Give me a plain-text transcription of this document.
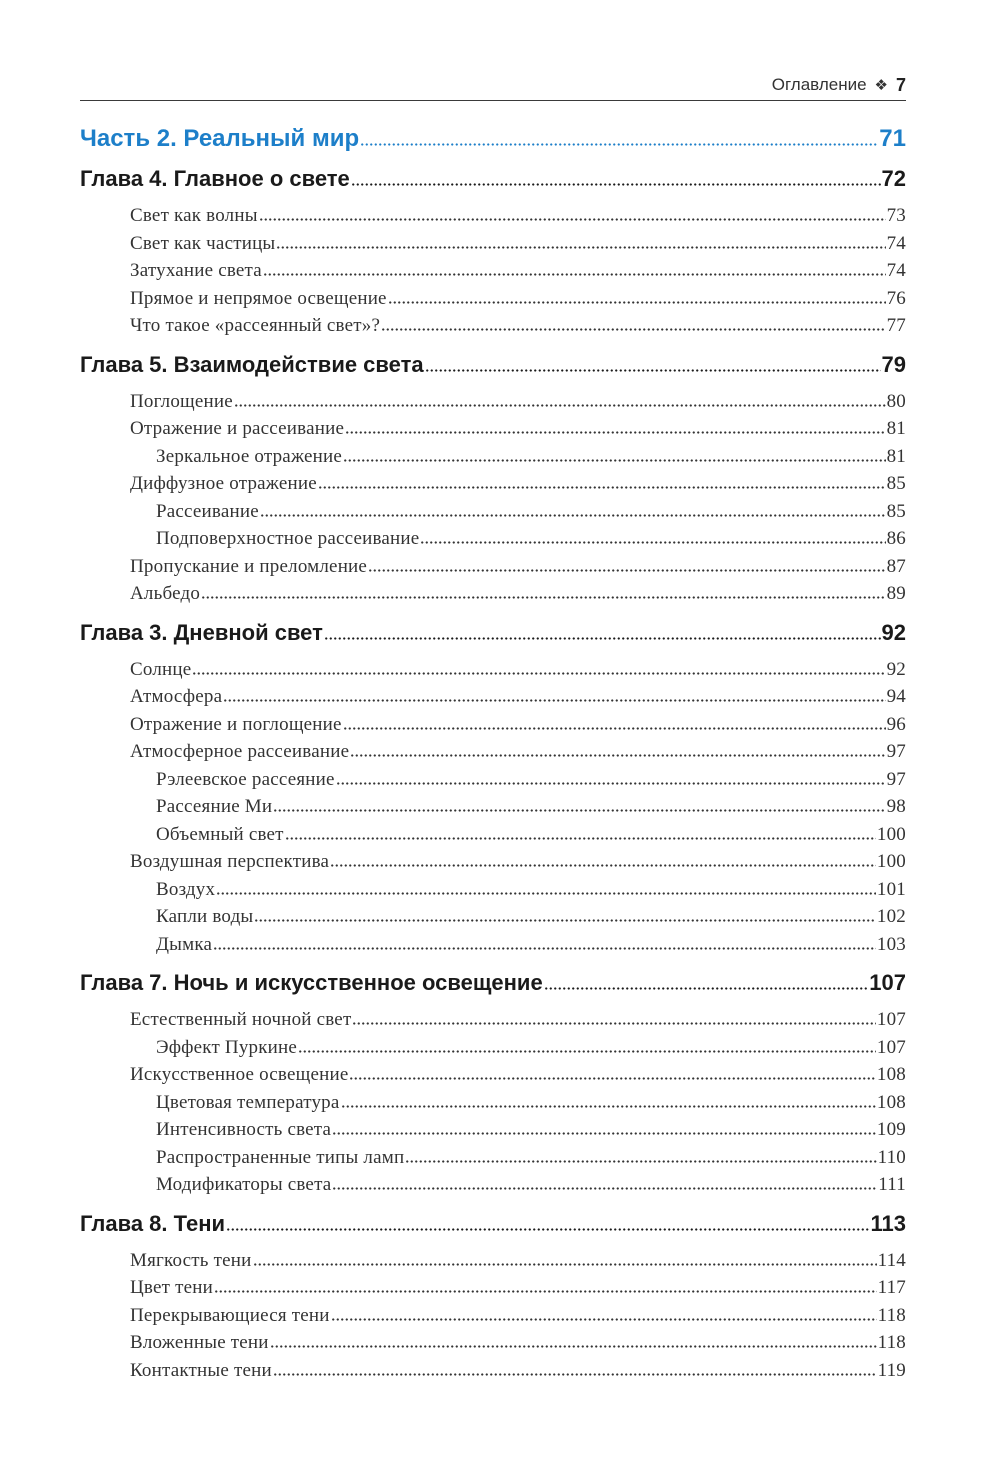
Оглавление ❖ 7
Часть 2. Реальный мир	71
Глава 4. Главное о свете	72
Свет как волны	73
Свет как частицы	74
Затухание света	74
Прямое и непрямое освещение	76
Что такое «рассеянный свет»?	77
Глава 5. Взаимодействие света	79
Поглощение	80
Отражение и рассеивание	81
Зеркальное отражение	81
Диффузное отражение	85
Рассеивание	85
Подповерхностное рассеивание	86
Пропускание и преломление	87
Альбедо	89
Глава 3. Дневной свет	92
Солнце	92
Атмосфера	94
Отражение и поглощение	96
Атмосферное рассеивание	97
Рэлеевское рассеяние	97
Рассеяние Ми	98
Объемный свет	100
Воздушная перспектива	100
Воздух	101
Капли воды	102
Дымка	103
Глава 7. Ночь и искусственное освещение	107
Естественный ночной свет	107
Эффект Пуркине	107
Искусственное освещение	108
Цветовая температура	108
Интенсивность света	109
Распространенные типы ламп	110
Модификаторы света	111
Глава 8. Тени	113
Мягкость тени	114
Цвет тени	117
Перекрывающиеся тени	118
Вложенные тени	118
Контактные тени	119
